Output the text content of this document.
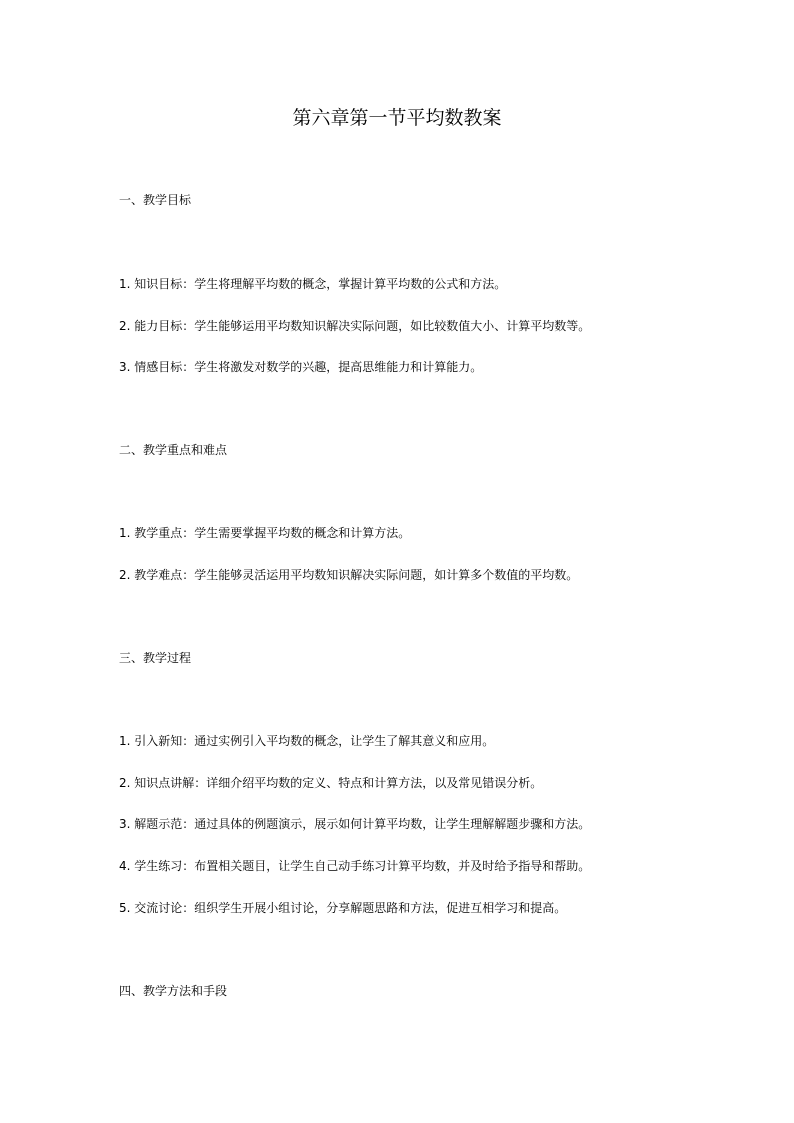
第六章第一节平均数教案

一、教学目标

1. 知识目标：学生将理解平均数的概念，掌握计算平均数的公式和方法。

2. 能力目标：学生能够运用平均数知识解决实际问题，如比较数值大小、计算平均数等。

3. 情感目标：学生将激发对数学的兴趣，提高思维能力和计算能力。

二、教学重点和难点

1. 教学重点：学生需要掌握平均数的概念和计算方法。

2. 教学难点：学生能够灵活运用平均数知识解决实际问题，如计算多个数值的平均数。

三、教学过程

1. 引入新知：通过实例引入平均数的概念，让学生了解其意义和应用。

2. 知识点讲解：详细介绍平均数的定义、特点和计算方法，以及常见错误分析。

3. 解题示范：通过具体的例题演示，展示如何计算平均数，让学生理解解题步骤和方法。

4. 学生练习：布置相关题目，让学生自己动手练习计算平均数，并及时给予指导和帮助。

5. 交流讨论：组织学生开展小组讨论，分享解题思路和方法，促进互相学习和提高。

四、教学方法和手段
